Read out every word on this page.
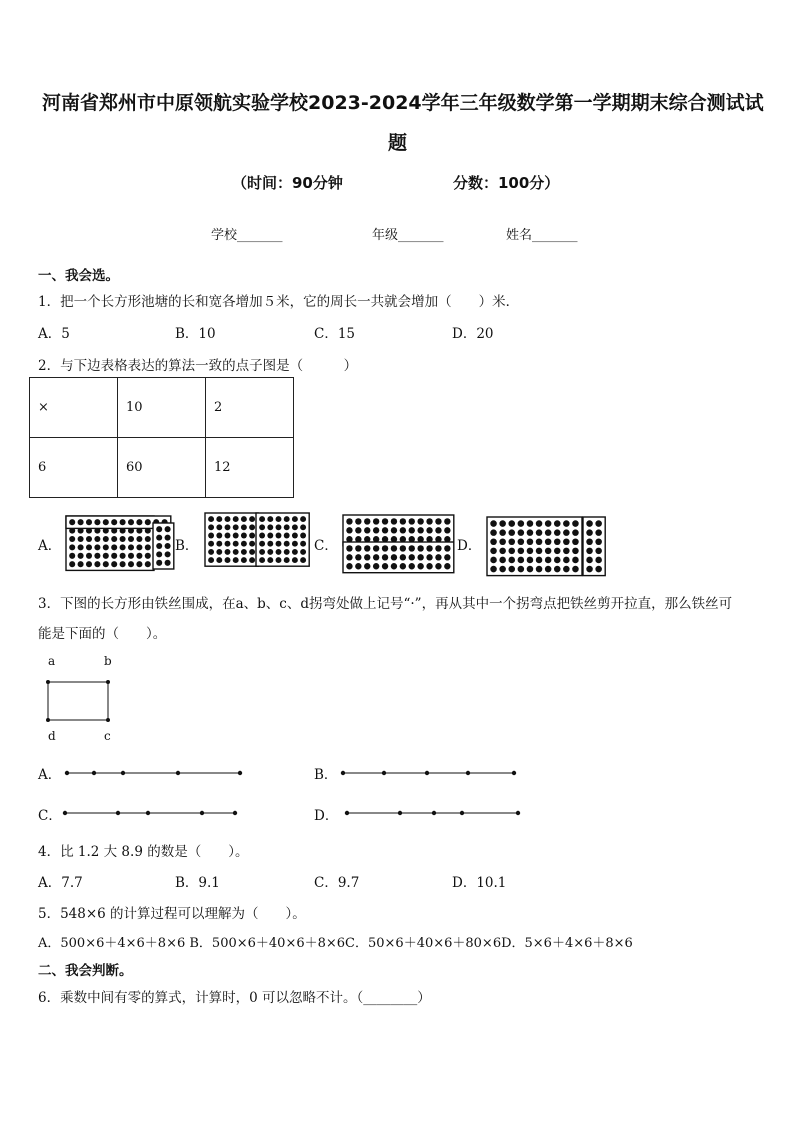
河南省郑州市中原领航实验学校2023-2024学年三年级数学第一学期期末综合测试试
题
（时间：90分钟	分数：100分）
学校_______	年级_______	姓名_______
一、我会选。
1．把一个长方形池塘的长和宽各增加５米，它的周长一共就会增加（　　）米．
A．5	B．10	C．15	D．20
2．与下边表格表达的算法一致的点子图是（　　　）
×	10	2
6	60	12
A．	B．	C．	D．
3．下图的长方形由铁丝围成，在a、b、c、d拐弯处做上记号“·”，再从其中一个拐弯点把铁丝剪开拉直，那么铁丝可
能是下面的（　　）。
a	b
d	c
A．	B．
C．	D．
4．比 1.2 大 8.9 的数是（　　）。
A．7.7	B．9.1	C．9.7	D．10.1
5．548×6 的计算过程可以理解为（　　）。
A．500×6＋4×6＋8×6 B．500×6＋40×6＋8×6C．50×6＋40×6＋80×6D．5×6＋4×6＋8×6
二、我会判断。
6．乘数中间有零的算式，计算时，0 可以忽略不计。（________）
